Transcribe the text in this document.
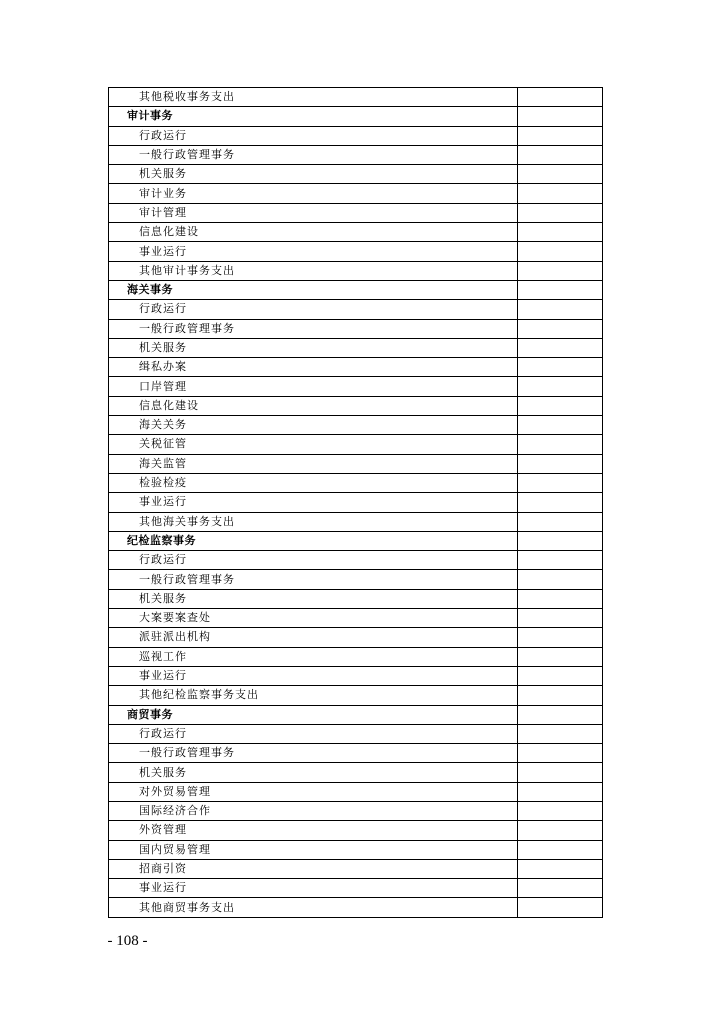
其他税收事务支出	
审计事务	
行政运行	
一般行政管理事务	
机关服务	
审计业务	
审计管理	
信息化建设	
事业运行	
其他审计事务支出	
海关事务	
行政运行	
一般行政管理事务	
机关服务	
缉私办案	
口岸管理	
信息化建设	
海关关务	
关税征管	
海关监管	
检验检疫	
事业运行	
其他海关事务支出	
纪检监察事务	
行政运行	
一般行政管理事务	
机关服务	
大案要案查处	
派驻派出机构	
巡视工作	
事业运行	
其他纪检监察事务支出	
商贸事务	
行政运行	
一般行政管理事务	
机关服务	
对外贸易管理	
国际经济合作	
外资管理	
国内贸易管理	
招商引资	
事业运行	
其他商贸事务支出	
- 108 -
